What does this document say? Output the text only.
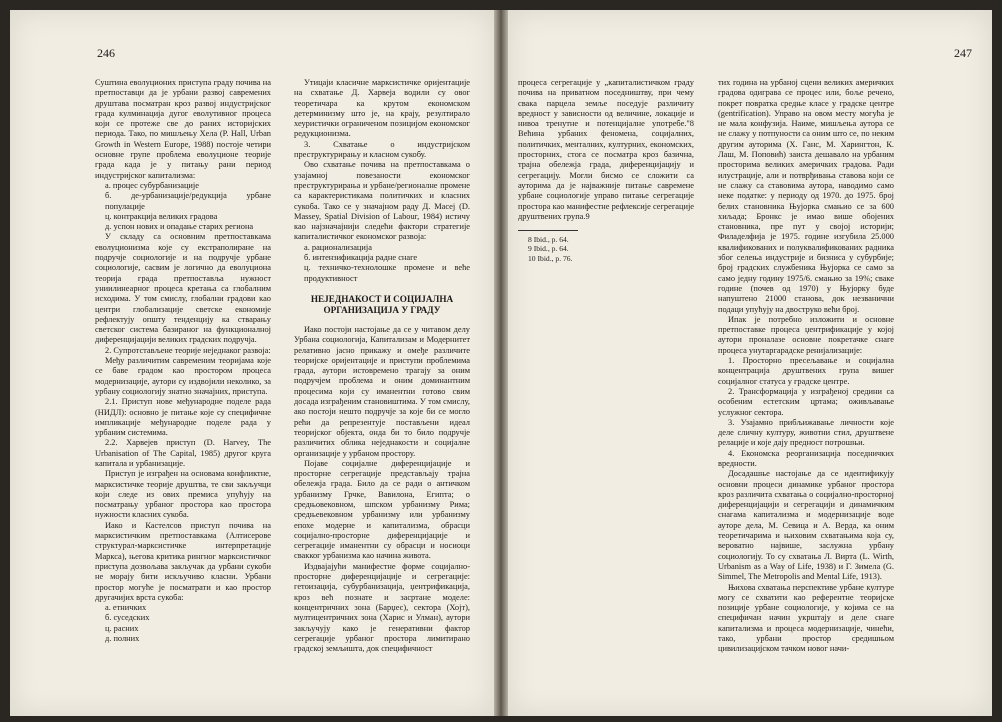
246

Суштина еволуционих приступа граду почива на претпоставци да је урбани развој савремених друштава посматран кроз развој индустријског града кулминација дугог еволутивног процеса који се протеже све до раних историјских периода. Тако, по мишљењу Хела (P. Hall, Urban Growth in Western Europe, 1988) постоје четири основне групе проблема еволуционе теорије града када је у питању рани период индустријског капитализма:

а. процес субурбанизације

б. де-урбанизације/редукција урбане популације

ц. контракција великих градова

д. успон нових и опадање старих региона

У складу са основним претпоставкама еволуционизма које су екстраполиране на подручје социологије и на подручје урбане социологије, сасвим је логично да еволуциона теорија града претпоставља нужност униилинеарног процеса кретања са глобалним исходима. У том смислу, глобални градови као центри глобализације светске економије рефлектују општу тенденцију ка стварању светског система базираног на функционалној диференцијацији великих градских подручја.

2. Супротстављене теорије неједнаког развоја:

Међу различитим савременим теоријама које се баве градом као простором процеса модернизације, аутори су издвојили неколико, за урбану социологију знатно значајних, приступа.

2.1. Приступ нове међународне поделе рада (НИДЛ): основно је питање које су специфичне импликације међународне поделе рада у урбаним системима.

2.2. Харвејев приступ (D. Harvey, The Urbanisation of The Capital, 1985) другог круга капитала и урбанизације.

Приступ је изграђен на основама конфликтне, марксистичке теорије друштва, те сви закључци који следе из ових премиса упућују на посматрању урбаног простора као простора нужности класних сукоба.

Иако и Кастелсов приступ почива на марксистичким претпоставкама (Алтисерове структурал-марксистичке интерпретације Маркса), његова критика рингног марксистичког приступа дозвољава закључак да урбани сукоби не морају бити искључиво класни. Урбани простор могуће је посматрати и као простор другачијих врста сукоба:

а. етничких

б. суседских

ц. расних

д. полних

Утицаји класичне марксистичке оријентације на схватање Д. Харвеја водили су овог теоретичара ка крутом економском детерминизму што је, на крају, резултирало хеуристички ограниченом позицијом економског редукционизма.

3. Схватање о индустријском преструктурирању и класном сукобу.

Ово схватање почива на претпоставкама о узајамној повезаности економског преструктурирања и урбане/регионалне промене са карактеристикама политичких и класних сукоба. Тако се у значајном раду Д. Масеј (D. Massey, Spatial Division of Labour, 1984) истичу као најзначајнији следећи фактори стратегије капиталистичког економског развоја:

а. рационализација

б. интензификација радне снаге

ц. техничко-технолошке промене и веће продуктивност

НЕЈЕДНАКОСТ И СОЦИЈАЛНА ОРГАНИЗАЦИЈА У ГРАДУ

Иако постоји настојање да се у читавом делу Урбана социологија, Капитализам и Модернитет релативно јасно прикажу и омеђе различите теоријске оријентације и приступи проблемима града, аутори истовремено трагају за оним подручјем проблема и оним доминантним процесима који су иманентни готово свим досада изграђеним становиштима. У том смислу, ако постоји нешто подручје за које би се могло рећи да репрезентује постављени идеал теоријског објекта, онда би то било подручје различитих облика неједнакости и социјалне организације у урбаном простору.

Појаве социјалне диференцијације и просторне сегрегације представљају трајна обележја града. Било да се ради о античком урбанизму Грчке, Вавилона, Египта; о средњовековном, шпском урбанизму Рима; средњевековном урбанизму или урбанизму епохе модерне и капитализма, обрасци социјално-просторне диференцијације и сегрегације иманентни су обрасци и носиоци свакког урбанизма као начина живота.

Издвајајући манифестне форме социјално-просторне диференцијације и сегрегације: гетоизација, субурбанизација, џентрификација, кроз већ познате и засртане моделе: концентричних зона (Барџес), сектора (Хојт), мултицентричних зона (Харис и Улман), аутори закључују како је генеративни фактор сегрегације урбаног простора лимитирано градској земљишта, док специфичност

247

процеса сегрегације у „капиталистичком граду почива на приватном поседништву, при чему свака парцела земље поседује различиту вредност у зависности од величине, локације и нивоа тренутне и потенцијалне употребе."8 Већина урбаних феномена, социјалних, политичких, менталних, културних, економских, просторних, стога се посматра кроз базична, трајна обележја града, диференцијацију и сегрегацију. Могли бисмо се сложити са ауторима да је најважније питање савремене урбане социологије управо питање сегрегације простора као манифестне рефлексије сегрегације друштвених група.9

8 Ibid., p. 64.

9 Ibid., p. 64.

10 Ibid., p. 76.

тих година на урбаној сцени великих америчких градова одиграва се процес или, боље речено, покрет повратка средње класе у градске центре (gentrification). Управо на овом месту могућа је не мала конфузија. Наиме, мишљења аутора се не слажу у потпуности са оним што се, по неким другим ауторима (Х. Ганс, М. Харингтон, К. Лаш, М. Поповић) заиста дешавало на урбаним просторима великих америчких градова. Ради илустрације, али и потврђивања ставова који се не слажу са ставовима аутора, наводимо само неке податке: у периоду од 1970. до 1975. број белих становника Њујорка смањио се за 600 хиљада; Бронкс је имао више обојених становника, пре пут у својој историји; Филаделфија је 1975. године изгубила 25.000 квалификованих и полуквалификованих радника због селења индустрије и бизниса у субурбије; број градских службеника Њујорка се само за само једну годину 1975/6. смањио за 19%; сваке године (почев од 1970) у Њујорку буде напуштено 21000 станова, док незванични подаци упућују на двоструко већи број.

Ипак је потребно изложити и основне претпоставке процеса џентрификације у којој аутори проналазе основне покретачке снаге процеса унутаргарадске ренијализације:

1. Просторно пресељавање и социјална концентрација друштвених група вишег социјалног статуса у градске центре.

2. Трансформација у изграђеној средини са особеним естетским цртама; оживљавање услужног сектора.

3. Узајамно прибљижавање личности које деле сличну културу, животни стил, друштвене релације и које дају предност потрошњи.

4. Економска реорганизација поседничких вредности.

Досадашње настојање да се идентификују основни процеси динамике урбаног простора кроз различита схватања о социјално-просторној диференцијацији и сегрегацији и динамичким снагама капитализма и модернизације воде ауторе дела, М. Севица и А. Верда, ка оним теоретичарима и њиховим схватањима која су, вероватно највише, заслужна урбану социологију. То су схватања Л. Вирта (L. Wirth, Urbanism as a Way of Life, 1938) и Г. Зимела (G. Simmel, The Metropolis and Mental Life, 1913).

Њихова схватања перспективе урбане културе могу се схватити као референтне теоријске позиције урбане социологије, у којима се на специфичан начин укрштају и деле снаге капитализма и процеса модернизације, чинећи, тако, урбани простор средишњом цивилизацијском тачком новог начи-
